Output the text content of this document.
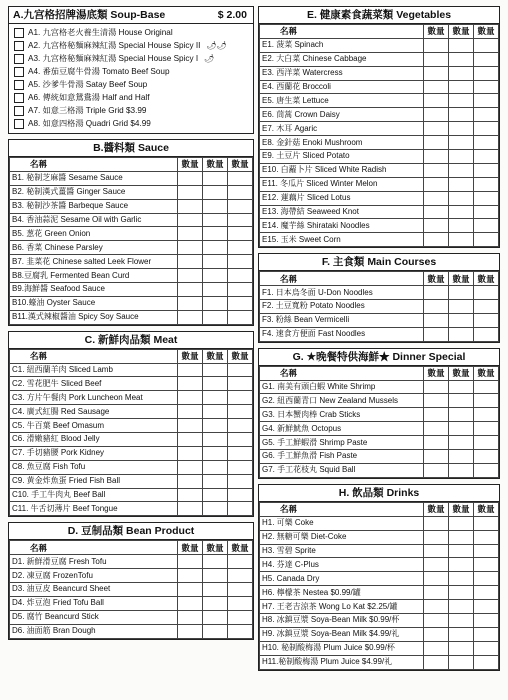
A.九宫格招牌湯底類 Soup-Base	$ 2.00
A1. 九宫格老火養生清湯 House Original
A2. 九宫格秘麵麻辣紅湯 Special House Spicy II 🌶🌶
A3. 九宫格秘麵麻辣紅湯 Special House Spicy I 🌶
A4. 番茄豆腐牛骨湯 Tomato Beef Soup
A5. 沙爹牛骨湯 Satay Beef Soup
A6. 傳統如意鴛鴦湯 Half and Half
A7. 如意三格湯 Triple Grid $3.99
A8. 如意四格湯 Quadri Grid $4.99
B.醬料類 Sauce
名稱	數量	數量	數量
B1. 秘制芝麻醬 Sesame Sauce			
B2. 秘制漢式薑醬 Ginger Sauce			
B3. 秘制沙茶醬 Barbeque Sauce			
B4. 香油蒜泥 Sesame Oil with Garlic			
B5. 葱花 Green Onion			
B6. 香菜 Chinese Parsley			
B7. 韭菜花 Chinese salted Leek Flower			
B8.豆腐乳 Fermented Bean Curd			
B9.海鮮醬 Seafood Sauce			
B10.蠔油 Oyster Sauce			
B11.漢式辣椒醬油 Spicy Soy Sauce			
C. 新鮮肉品類 Meat
名稱	數量	數量	數量
C1. 紐西蘭羊肉 Sliced Lamb			
C2. 雪花肥牛 Sliced Beef			
C3. 方片午餐肉 Pork Luncheon Meat			
C4. 廣式紅腸 Red Sausage			
C5. 牛百葉 Beef Omasum			
C6. 滑嫩豬紅 Blood Jelly			
C7. 手切豬腰 Pork Kidney			
C8. 魚豆腐 Fish Tofu			
C9. 黄金炸魚蛋 Fried Fish Ball			
C10. 手工牛肉丸 Beef Ball			
C11. 牛舌切薄片 Beef Tongue			
D. 豆制品類 Bean Product
名稱	數量	數量	數量
D1. 新鮮滑豆腐 Fresh Tofu			
D2. 凍豆腐 FrozenTofu			
D3. 油豆皮 Beancurd Sheet			
D4. 炸豆泡 Fried Tofu Ball			
D5. 腐竹 Beancurd Stick			
D6. 油面筋 Bran Dough			
E. 健康素食蔬菜類 Vegetables
名稱	數量	數量	數量
E1. 菠菜 Spinach			
E2. 大白菜 Chinese Cabbage			
E3. 西洋菜 Watercress			
E4. 西蘭花 Broccoli			
E5. 唐生菜 Lettuce			
E6. 茼蒿 Crown Daisy			
E7. 木耳 Agaric			
E8. 金針菇 Enoki Mushroom			
E9. 土豆片 Sliced Potato			
E10. 白蘿卜片 Sliced White Radish			
E11. 冬瓜片 Sliced Winter Melon			
E12. 蓮藕片 Sliced Lotus			
E13. 海帶結 Seaweed Knot			
E14. 魔芋絲 Shirataki Noodles			
E15. 玉米 Sweet Corn			
F. 主食類 Main Courses
名稱	數量	數量	數量
F1. 日本烏冬面 U-Don Noodles			
F2. 土豆寬粉 Potato Noodles			
F3. 粉絲 Bean Vermicelli			
F4. 速食方便面 Fast Noodles			
G. ★晚餐特供海鮮★ Dinner Special
名稱	數量	數量	數量
G1. 南美有頭白蝦 White Shrimp			
G2. 紐西蘭青口 New Zealand Mussels			
G3. 日本蟹肉棒 Crab Sticks			
G4. 新鮮魷魚 Octopus			
G5. 手工鮮蝦滑 Shrimp Paste			
G6. 手工鮮魚滑 Fish Paste			
G7. 手工花枝丸 Squid Ball			
H. 飲品類 Drinks
名稱	數量	數量	數量
H1. 可樂 Coke			
H2. 無糖可樂 Diet-Coke			
H3. 雪碧 Sprite			
H4. 芬達 C-Plus			
H5. Canada Dry			
H6. 檸檬茶 Nestea $0.99/罐			
H7. 王老吉涼茶 Wong Lo Kat $2.25/罐			
H8. 冰鎮豆漿 Soya-Bean Milk $0.99/杯			
H9. 冰鎮豆漿 Soya-Bean Milk $4.99/礼			
H10. 秘制酸梅湯 Plum Juice $0.99/杯			
H11.秘制酸梅湯 Plum Juice $4.99/礼			
